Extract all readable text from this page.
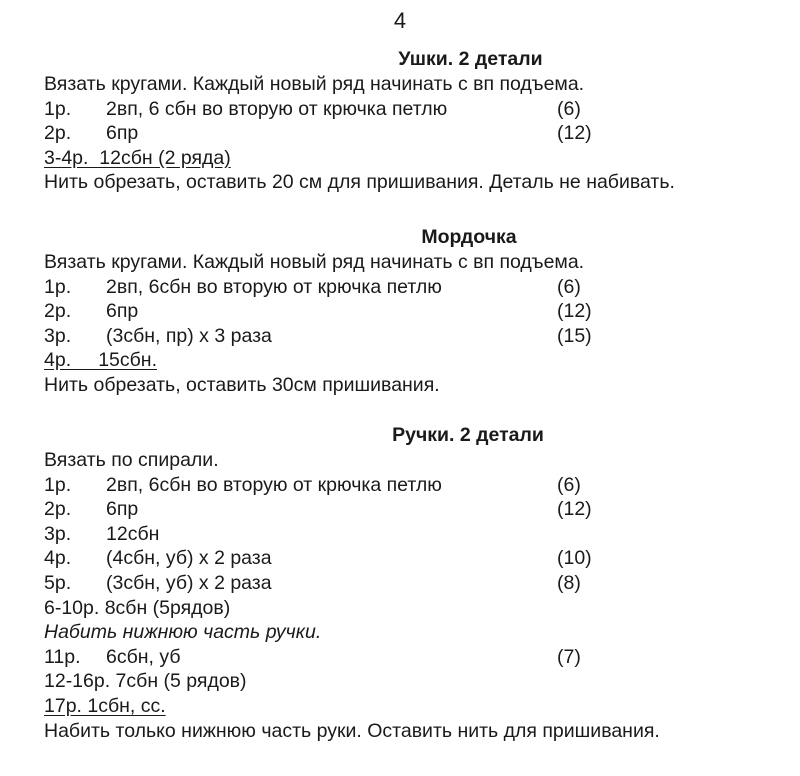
4
Ушки. 2 детали
Вязать кругами. Каждый новый ряд начинать с вп подъема.
1р. 2вп, 6 сбн во вторую от крючка петлю	(6)
2р. 6пр	(12)
3-4р.  12сбн (2 ряда)
Нить обрезать, оставить 20 см для пришивания. Деталь не набивать.
Мордочка
Вязать кругами. Каждый новый ряд начинать с вп подъема.
1р. 2вп, 6сбн во вторую от крючка петлю	(6)
2р. 6пр	(12)
3р. (3сбн, пр) х 3 раза	(15)
4р.     15сбн.
Нить обрезать, оставить 30см пришивания.
Ручки. 2 детали
Вязать по спирали.
1р. 2вп, 6сбн во вторую от крючка петлю	(6)
2р. 6пр	(12)
3р. 12сбн
4р. (4сбн, уб) х 2 раза	(10)
5р. (3сбн, уб) х 2 раза	(8)
6-10р. 8сбн (5рядов)
Набить нижнюю часть ручки.
11р. 6сбн, уб	(7)
12-16р. 7сбн (5 рядов)
17р. 1сбн, сс.
Набить только нижнюю часть руки. Оставить нить для пришивания.
